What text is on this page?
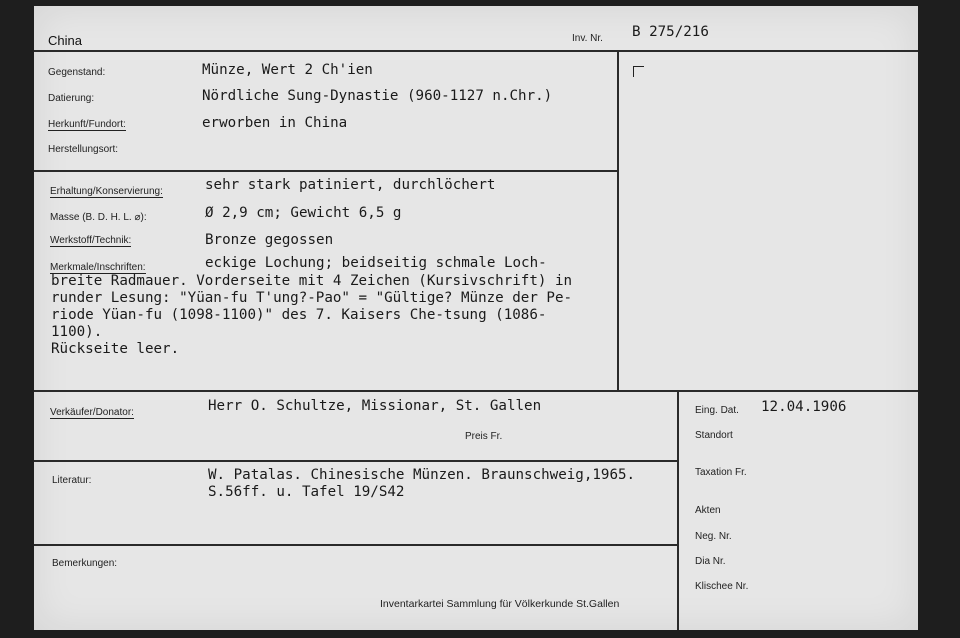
China	Inv. Nr. B 275/216
Gegenstand:	Münze, Wert 2 Ch'ien
Datierung:	Nördliche Sung-Dynastie (960-1127 n.Chr.)
Herkunft/Fundort:	erworben in China
Herstellungsort:
Erhaltung/Konservierung:	sehr stark patiniert, durchlöchert
Masse (B. D. H. L. ⌀):	Ø 2,9 cm; Gewicht 6,5 g
Werkstoff/Technik:	Bronze gegossen
Merkmale/Inschriften:	eckige Lochung; beidseitig schmale Loch-
breite Radmauer. Vorderseite mit 4 Zeichen (Kursivschrift) in
runder Lesung: "Yüan-fu T'ung?-Pao" = "Gültige? Münze der Pe-
riode Yüan-fu (1098-1100)" des 7. Kaisers Che-tsung (1086-
1100).
Rückseite leer.
Verkäufer/Donator:	Herr O. Schultze, Missionar, St. Gallen
Preis Fr.
Literatur:	W. Patalas. Chinesische Münzen. Braunschweig,1965.
S.56ff. u. Tafel 19/S42
Bemerkungen:
Inventarkartei Sammlung für Völkerkunde St.Gallen
Eing. Dat. 12.04.1906
Standort
Taxation Fr.
Akten
Neg. Nr.
Dia Nr.
Klischee Nr.
